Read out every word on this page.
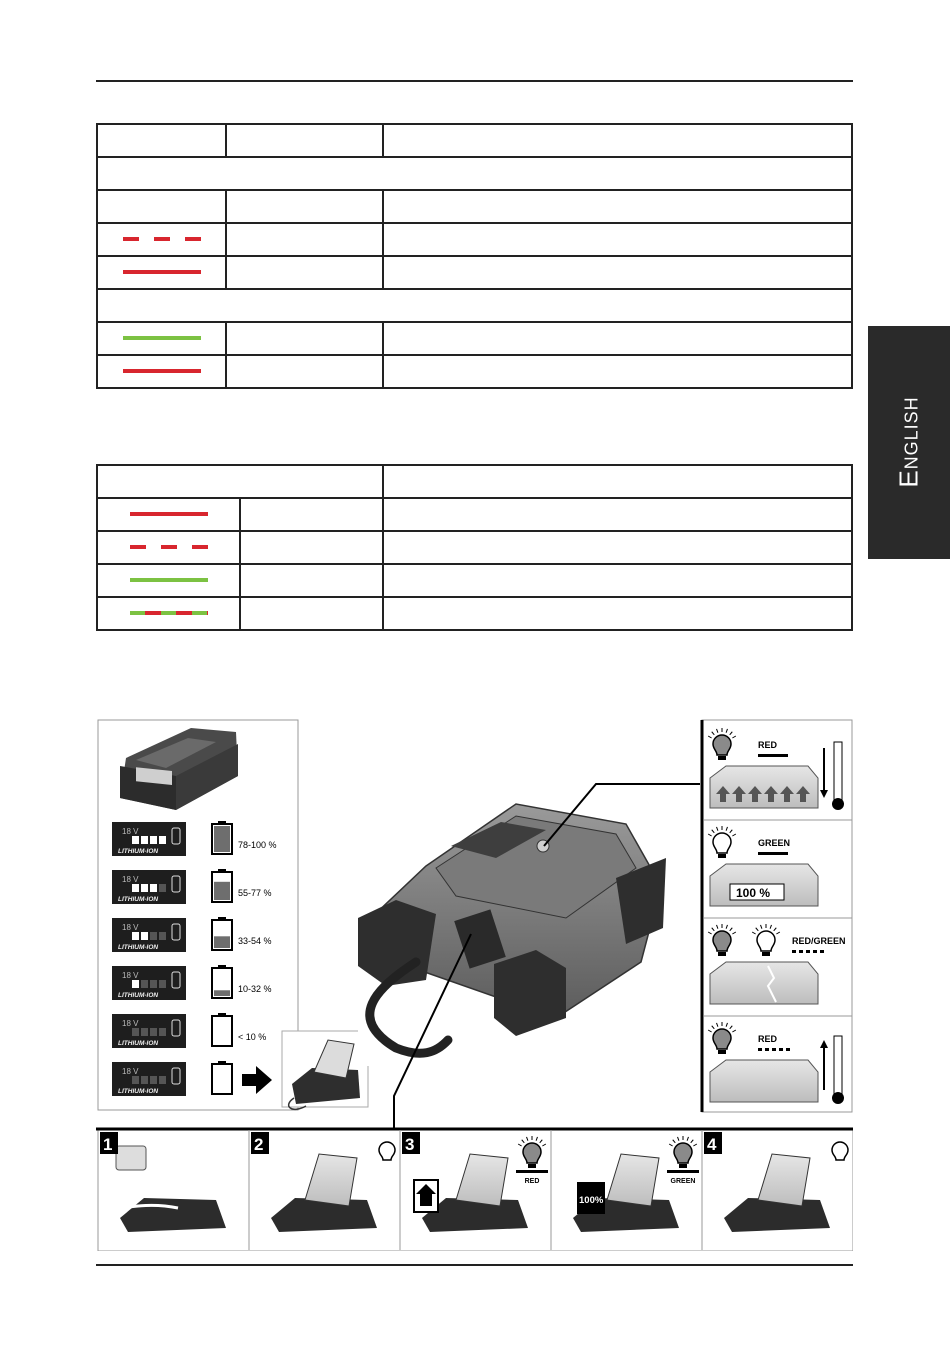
English
18 V
LITHIUM-ION
78-100 %
18 V
LITHIUM-ION
55-77 %
18 V
LITHIUM-ION
33-54 %
18 V
LITHIUM-ION
10-32 %
18 V
LITHIUM-ION
< 10 %
18 V
LITHIUM-ION
RED
GREEN
100 %
RED/GREEN
RED
1	2	3
RED	GREEN
100%
4
